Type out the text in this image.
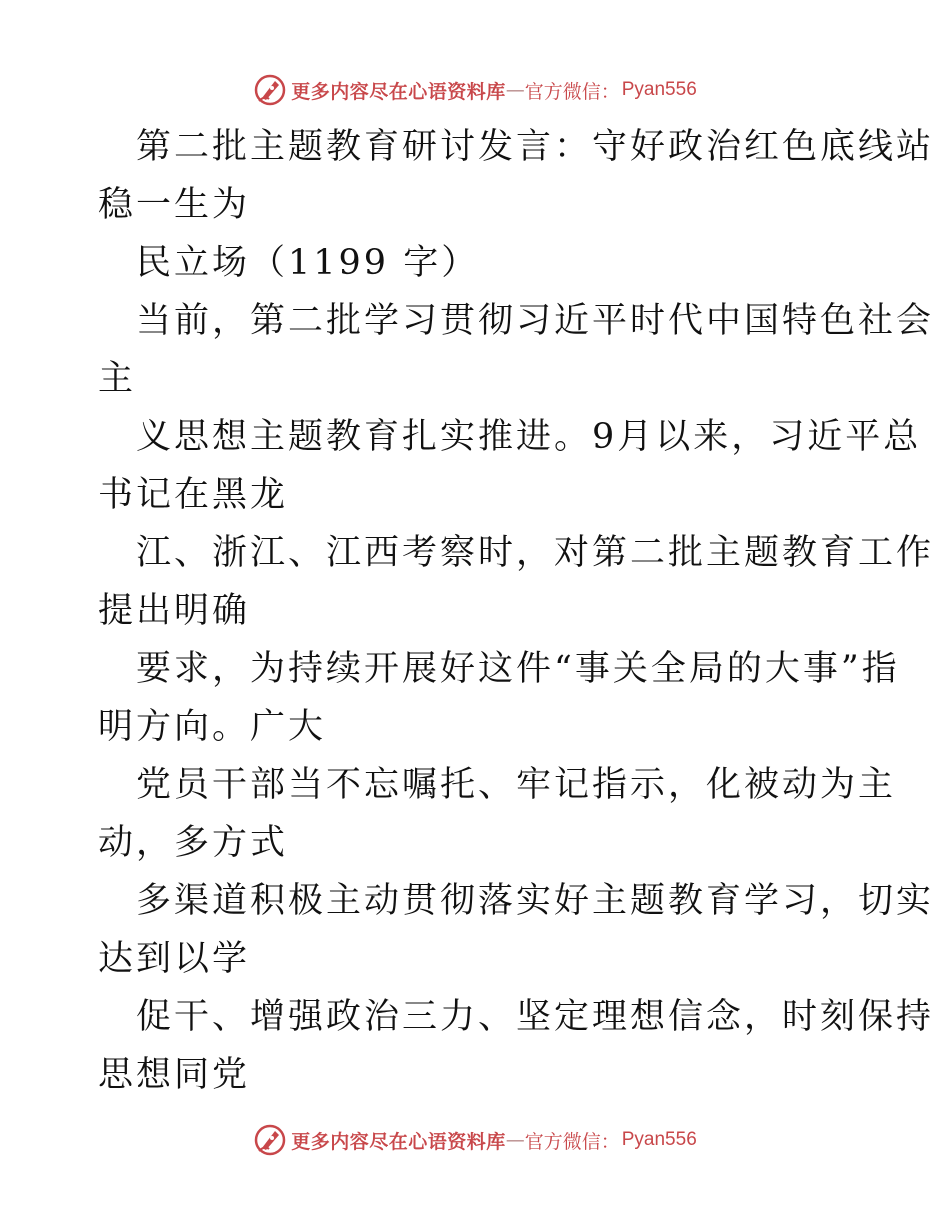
更多内容尽在心语资料库 — 官方微信： Pyan556
第二批主题教育研讨发言：守好政治红色底线站
稳一生为
民立场（1199 字）
当前，第二批学习贯彻习近平时代中国特色社会
主
义思想主题教育扎实推进。9月以来，习近平总
书记在黑龙
江、浙江、江西考察时，对第二批主题教育工作
提出明确
要求，为持续开展好这件“事关全局的大事”指
明方向。广大
党员干部当不忘嘱托、牢记指示，化被动为主
动，多方式
多渠道积极主动贯彻落实好主题教育学习，切实
达到以学
促干、增强政治三力、坚定理想信念，时刻保持
思想同党
更多内容尽在心语资料库 — 官方微信： Pyan556
